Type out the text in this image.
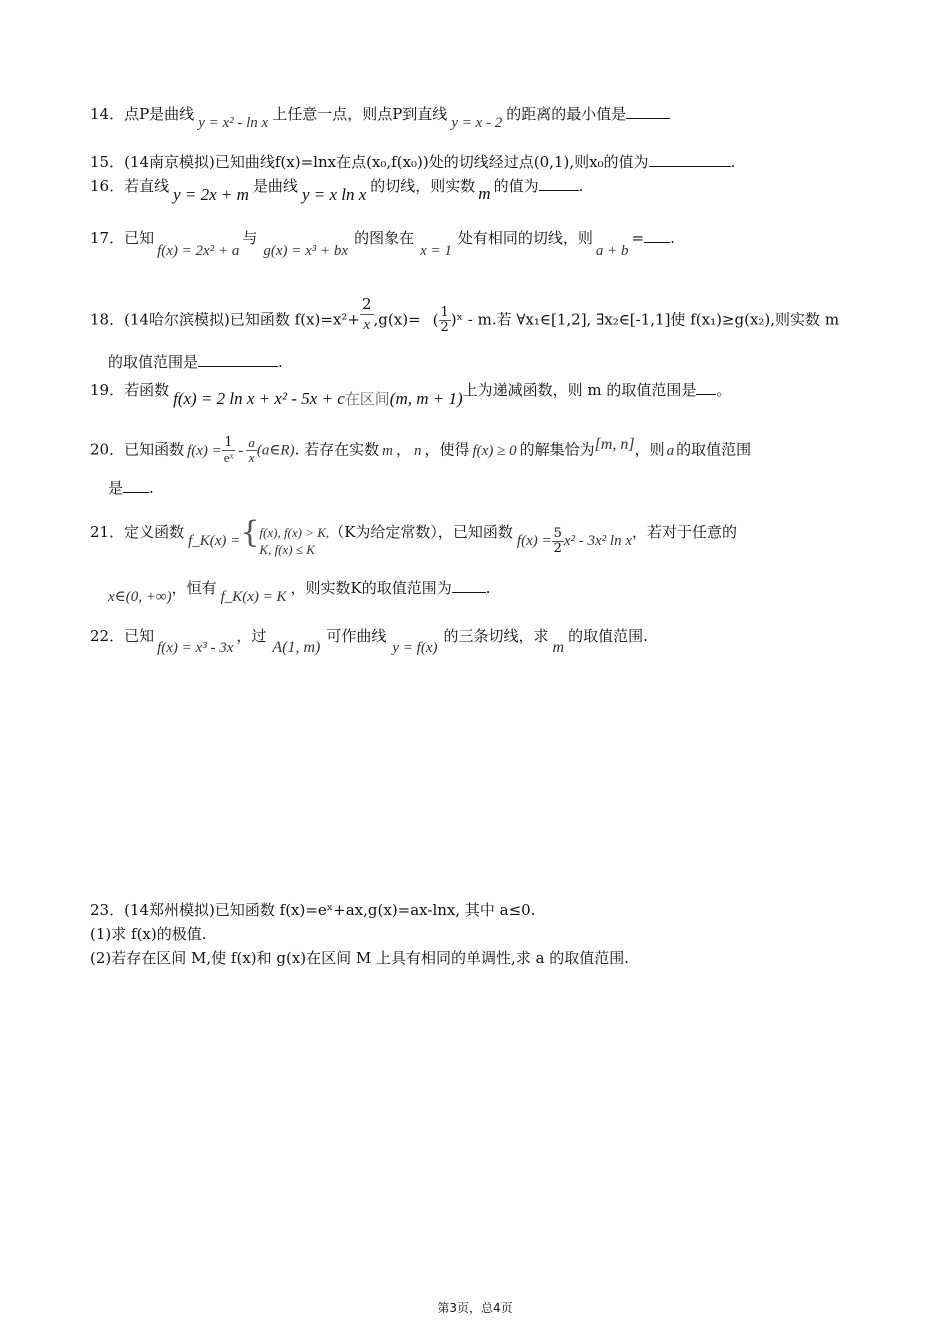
14．点P是曲线 y = x² - ln x 上任意一点，则点P到直线 y = x - 2 的距离的最小值是
15．(14南京模拟)已知曲线f(x)=lnx在点(x₀,f(x₀))处的切线经过点(0,1),则x₀的值为	.
16．若直线 y = 2x + m 是曲线 y = x ln x 的切线，则实数 m 的值为	.
17．已知f(x) = 2x² + a与g(x) = x³ + bx的图象在x = 1处有相同的切线，则a + b= .
18．(14哈尔滨模拟)已知函数 $f(x)=x^2+ \frac{2}{x} ,g(x)=$ ( $\frac{1}{2}$ )ˣ - m.若 ∀x₁∈[1,2], ∃x₂∈[-1,1]使 f(x₁)≥g(x₂),则实数 m
的取值范围是	.
19．若函数 f(x) = 2 ln x + x² - 5x + c在区间(m, m + 1)上为递减函数，则 m 的取值范围是 。
20．已知函数 $f(x) = \frac{1}{\text{eˣ}} - \frac{a}{x}$ (a∈R). 若存在实数 m ， n ，使得 f(x) ≥ 0 的解集恰为[m, n]，则 a 的取值范围
是 .
21．定义函数 f_K(x) ={ f(x), f(x) > K,
K, f(x) ≤ K
（K为给定常数），已知函数 $f(x) = \frac{5}{2} x^2 - 3x^2$ ln x，若对于任意的
x∈(0, +∞)，恒有 f_K(x) = K ，则实数K的取值范围为 .
22．已知f(x) = x³ - 3x，过A(1, m)可作曲线y = f(x)的三条切线，求m的取值范围.
23．(14郑州模拟)已知函数 f(x)=eˣ+ax,g(x)=ax-lnx, 其中 a≤0.
(1)求 f(x)的极值.
(2)若存在区间 M,使 f(x)和 g(x)在区间 M 上具有相同的单调性,求 a 的取值范围.
第3页，总4页
